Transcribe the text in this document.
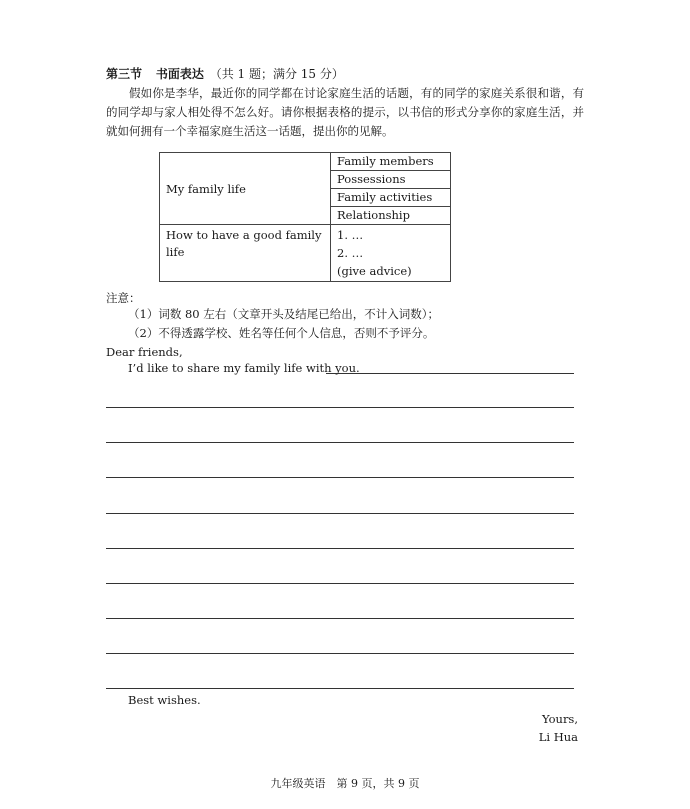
第三节 书面表达 （共 1 题；满分 15 分）
假如你是李华，最近你的同学都在讨论家庭生活的话题，有的同学的家庭关系很和谐，有的同学却与家人相处得不怎么好。请你根据表格的提示，以书信的形式分享你的家庭生活，并就如何拥有一个幸福家庭生活这一话题，提出你的见解。
My family life	Family members
	Possessions
	Family activities
	Relationship
How to have a good family life	1. …
2. …
(give advice)
注意：
（1）词数 80 左右（文章开头及结尾已给出，不计入词数）；
（2）不得透露学校、姓名等任何个人信息，否则不予评分。
Dear friends,
I’d like to share my family life with you.
Best wishes.
Yours,
Li Hua
九年级英语　第 9 页，共 9 页
